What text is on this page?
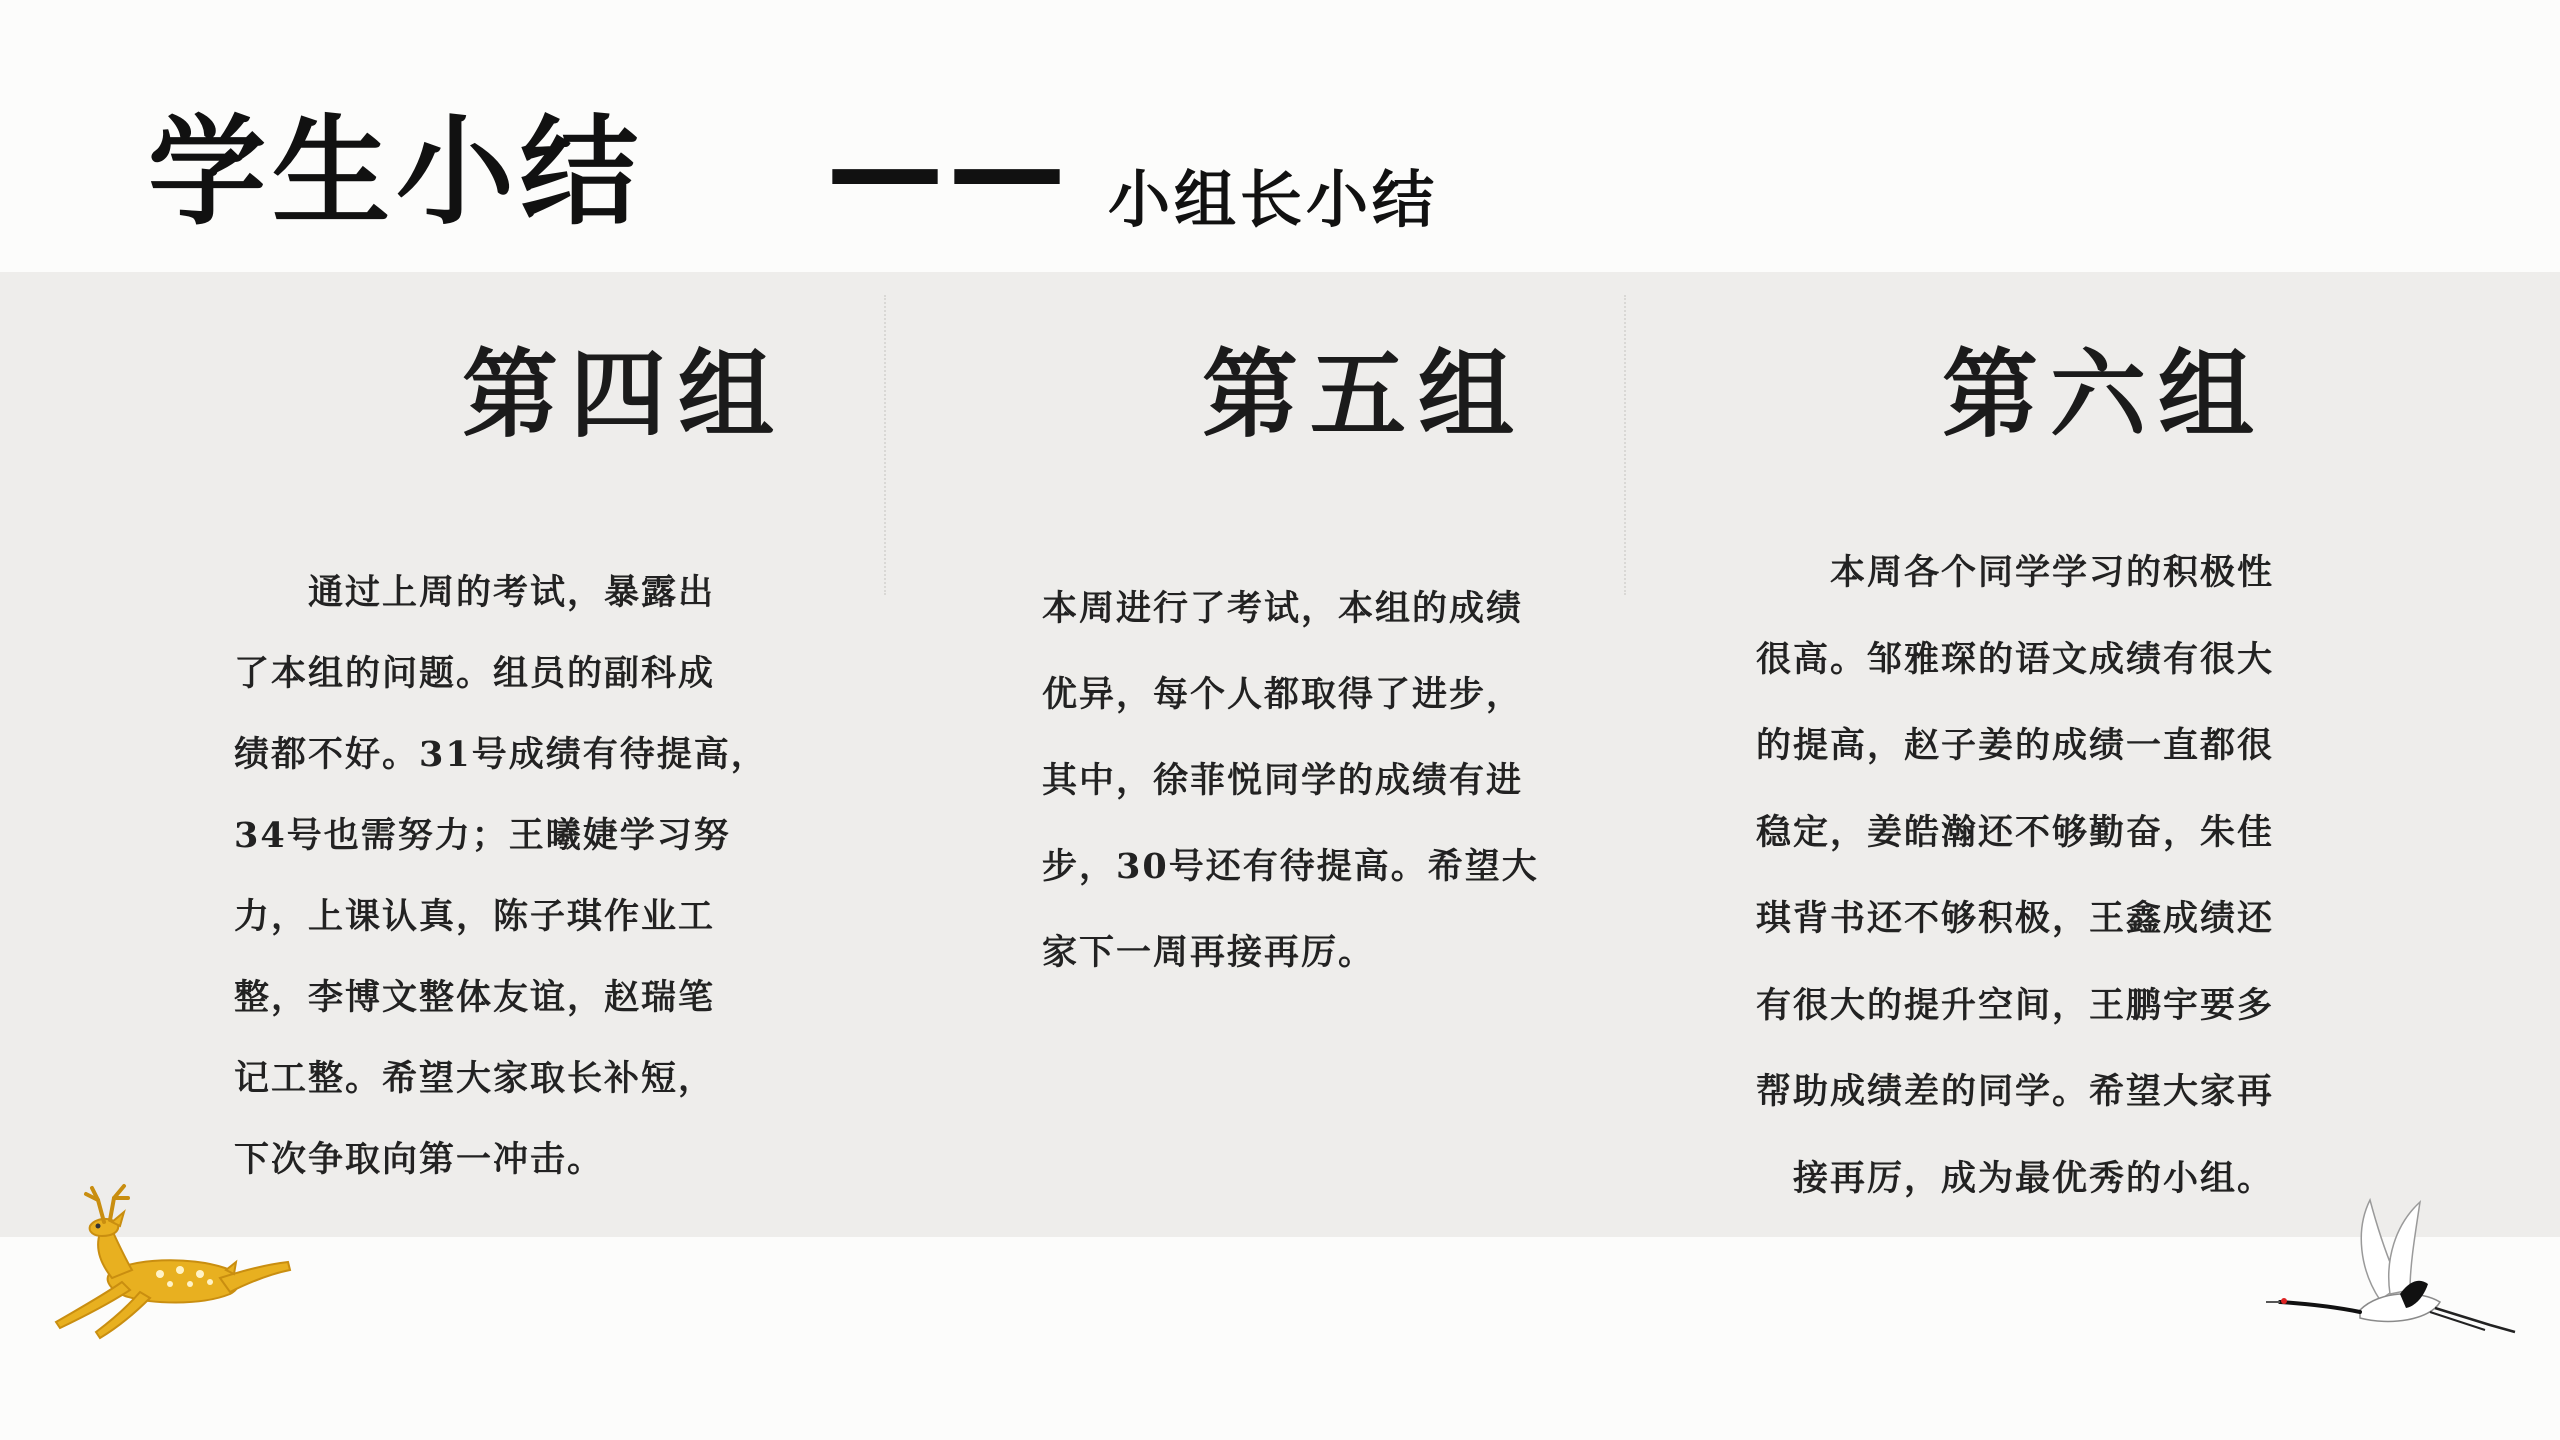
学生小结 —— 小组长小结
第四组	第五组	第六组

　　通过上周的考试，暴露出

了本组的问题。组员的副科成

绩都不好。31号成绩有待提高，

34号也需努力；王曦婕学习努

力，上课认真，陈子琪作业工

整，李博文整体友谊，赵瑞笔

记工整。希望大家取长补短，

下次争取向第一冲击。

本周进行了考试，本组的成绩

优异，每个人都取得了进步，

其中，徐菲悦同学的成绩有进

步，30号还有待提高。希望大

家下一周再接再厉。

　　本周各个同学学习的积极性

很高。邹雅琛的语文成绩有很大

的提高，赵子姜的成绩一直都很

稳定，姜皓瀚还不够勤奋，朱佳

琪背书还不够积极，王鑫成绩还

有很大的提升空间，王鹏宇要多

帮助成绩差的同学。希望大家再

　接再厉，成为最优秀的小组。
